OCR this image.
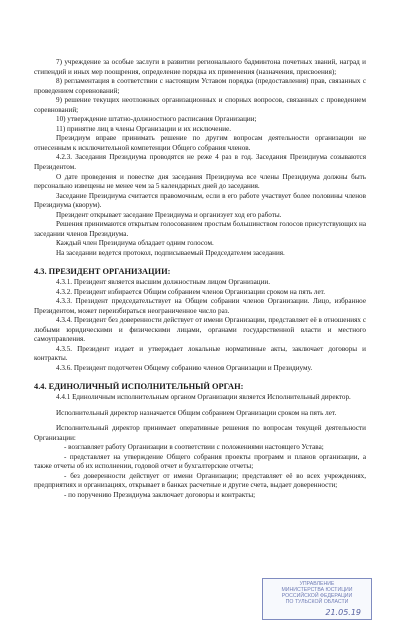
7) учреждение за особые заслуги в развитии регионального бадминтона почетных званий, наград и стипендий и иных мер поощрения, определение порядка их применения (назначения, присвоения);

8) регламентация в соответствии с настоящим Уставом порядка (предоставления) прав, связанных с проведением соревнований;

9) решение текущих неотложных организационных и спорных вопросов, связанных с проведением соревнований;

10) утверждение штатно-должностного расписания Организации;

11) принятие лиц в члены Организации и их исключение.

Президиум вправе принимать решение по другим вопросам деятельности организации не отнесенным к исключительной компетенции Общего собрания членов.

4.2.3. Заседания Президиума проводятся не реже 4 раз в год. Заседания Президиума созываются Президентом.

О дате проведения и повестке дня заседания Президиума все члены Президиума должны быть персонально извещены не менее чем за 5 календарных дней до заседания.

Заседание Президиума считается правомочным, если в его работе участвует более половины членов Президиума (кворум).

Президент открывает заседание Президиума и организует ход его работы.

Решения принимаются открытым голосованием простым большинством голосов присутствующих на заседании членов Президиума.

Каждый член Президиума обладает одним голосом.

На заседании ведется протокол, подписываемый Председателем заседания.

4.3. ПРЕЗИДЕНТ ОРГАНИЗАЦИИ:

4.3.1. Президент является высшим должностным лицом Организации.

4.3.2. Президент избирается Общим собранием членов Организации сроком на пять лет.

4.3.3. Президент председательствует на Общем собрании членов Организации. Лицо, избранное Президентом, может переизбираться неограниченное число раз.

4.3.4. Президент без доверенности действует от имени Организации, представляет её в отношениях с любыми юридическими и физическими лицами, органами государственной власти и местного самоуправления.

4.3.5. Президент издает и утверждает локальные нормативные акты, заключает договоры и контракты.

4.3.6. Президент подотчетен Общему собранию членов Организации и Президиуму.

4.4. ЕДИНОЛИЧНЫЙ ИСПОЛНИТЕЛЬНЫЙ ОРГАН:

4.4.1 Единоличным исполнительным органом Организации является Исполнительный директор.

Исполнительный директор назначается Общим собранием Организации сроком на пять лет.

Исполнительный директор принимает оперативные решения по вопросам текущей деятельности Организации:

- возглавляет работу Организации в соответствии с положениями настоящего Устава;

- представляет на утверждение Общего собрания проекты программ и планов организации, а также отчеты об их исполнении, годовой отчет и бухгалтерские отчеты;

- без доверенности действует от имени Организации; представляет её во всех учреждениях, предприятиях и организациях, открывает в банках расчетные и другие счета, выдает доверенности;

- по поручению Президиума заключает договоры и контракты;

УПРАВЛЕНИЕ
МИНИСТЕРСТВА ЮСТИЦИИ
РОССИЙСКОЙ ФЕДЕРАЦИИ
ПО ТУЛЬСКОЙ ОБЛАСТИ
21.05.19
